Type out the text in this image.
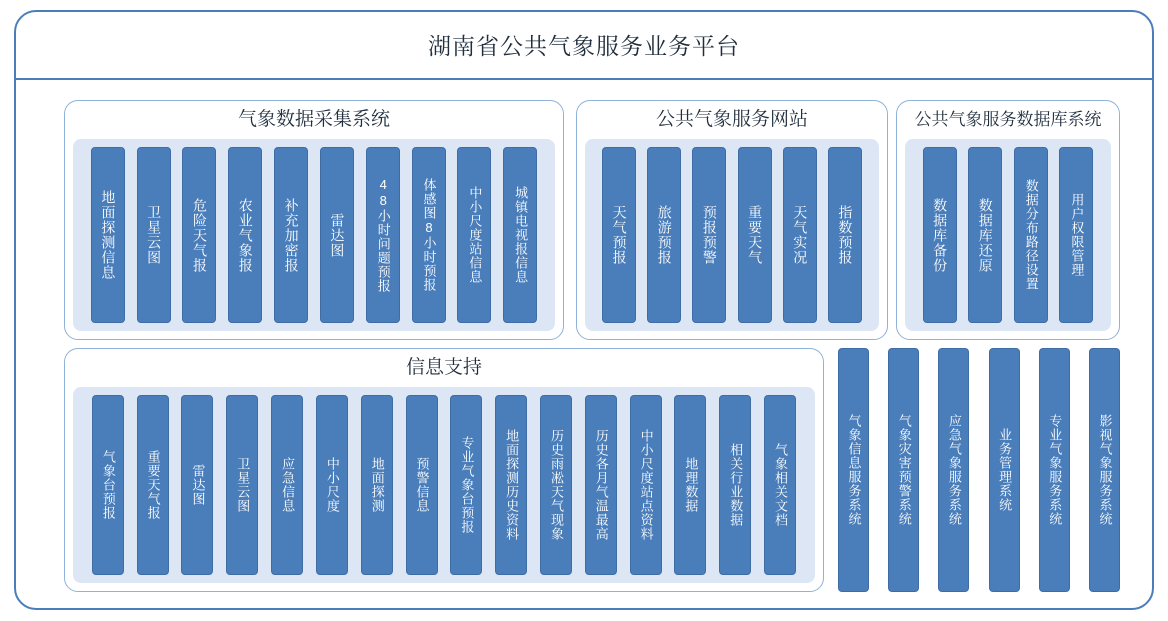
湖南省公共气象服务业务平台
气象数据采集系统
地面探测信息	卫星云图	危险天气报	农业气象报	补充加密报	雷达图	48小时问题预报	体感图8小时预报	中小尺度站信息	城镇电视报信息
公共气象服务网站
天气预报	旅游预报	预报预警	重要天气	天气实况	指数预报
公共气象服务数据库系统
数据库备份	数据库还原	数据分布路径设置	用户权限管理
信息支持
气象台预报	重要天气报	雷达图	卫星云图	应急信息	中小尺度	地面探测	预警信息	专业气象台预报	地面探测历史资料	历史雨凇天气现象	历史各月气温最高	中小尺度站点资料	地理数据	相关行业数据	气象相关文档	气象信息服务系统	气象灾害预警系统	应急气象服务系统	业务管理系统	专业气象服务系统	影视气象服务系统
